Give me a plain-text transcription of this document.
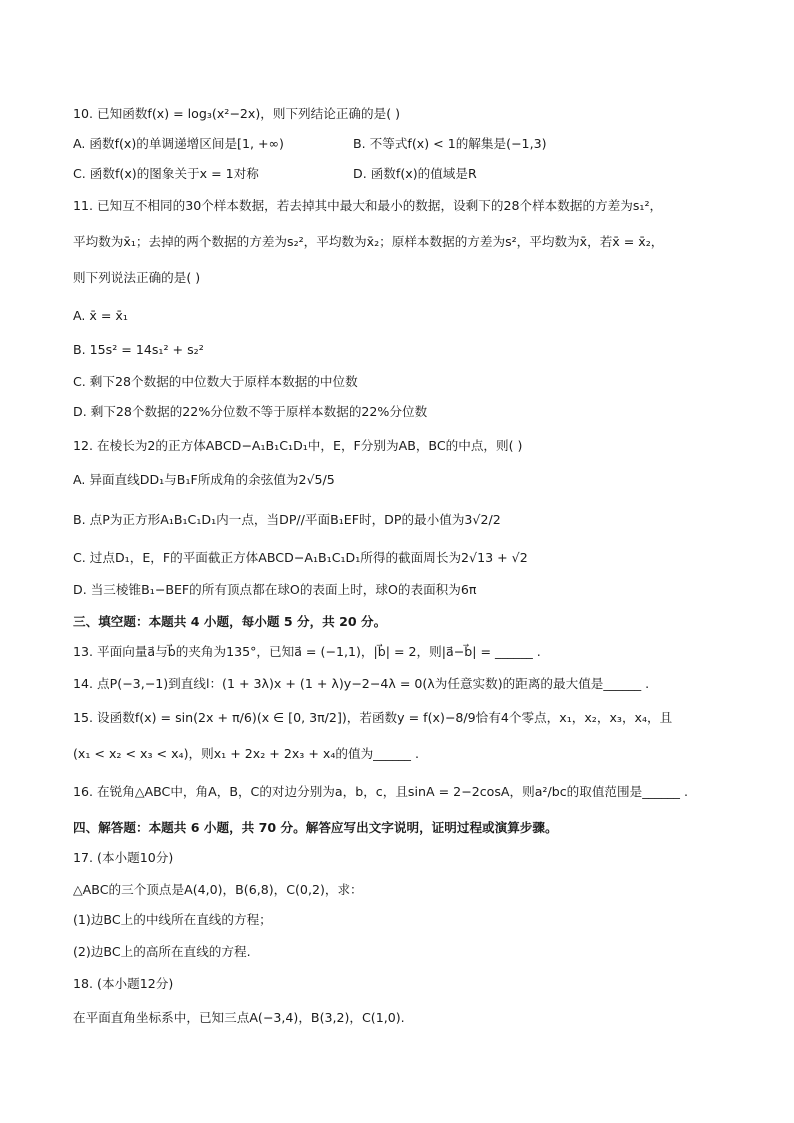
10. 已知函数f(x) = log₃(x²−2x)，则下列结论正确的是( )
A. 函数f(x)的单调递增区间是[1, +∞)	B. 不等式f(x) < 1的解集是(−1,3)
C. 函数f(x)的图象关于x = 1对称	D. 函数f(x)的值域是R
11. 已知互不相同的30个样本数据，若去掉其中最大和最小的数据，设剩下的28个样本数据的方差为s₁²，
平均数为x̄₁；去掉的两个数据的方差为s₂²，平均数为x̄₂；原样本数据的方差为s²，平均数为x̄，若x̄ = x̄₂，
则下列说法正确的是( )
A. x̄ = x̄₁
B. 15s² = 14s₁² + s₂²
C. 剩下28个数据的中位数大于原样本数据的中位数
D. 剩下28个数据的22%分位数不等于原样本数据的22%分位数
12. 在棱长为2的正方体ABCD−A₁B₁C₁D₁中，E，F分别为AB，BC的中点，则( )
A. 异面直线DD₁与B₁F所成角的余弦值为2√5/5
B. 点P为正方形A₁B₁C₁D₁内一点，当DP//平面B₁EF时，DP的最小值为3√2/2
C. 过点D₁，E，F的平面截正方体ABCD−A₁B₁C₁D₁所得的截面周长为2√13 + √2
D. 当三棱锥B₁−BEF的所有顶点都在球O的表面上时，球O的表面积为6π
三、填空题：本题共 4 小题，每小题 5 分，共 20 分。
13. 平面向量a⃗与b⃗的夹角为135°，已知a⃗ = (−1,1)，|b⃗| = 2，则|a⃗−b⃗| = ______ .
14. 点P(−3,−1)到直线l：(1 + 3λ)x + (1 + λ)y−2−4λ = 0(λ为任意实数)的距离的最大值是______ .
15. 设函数f(x) = sin(2x + π/6)(x ∈ [0, 3π/2])，若函数y = f(x)−8/9恰有4个零点，x₁，x₂，x₃，x₄，且
(x₁ < x₂ < x₃ < x₄)，则x₁ + 2x₂ + 2x₃ + x₄的值为______ .
16. 在锐角△ABC中，角A，B，C的对边分别为a，b，c，且sinA = 2−2cosA，则a²/bc的取值范围是______ .
四、解答题：本题共 6 小题，共 70 分。解答应写出文字说明，证明过程或演算步骤。
17. (本小题10分)
△ABC的三个顶点是A(4,0)，B(6,8)，C(0,2)，求：
(1)边BC上的中线所在直线的方程；
(2)边BC上的高所在直线的方程.
18. (本小题12分)
在平面直角坐标系中，已知三点A(−3,4)，B(3,2)，C(1,0).
